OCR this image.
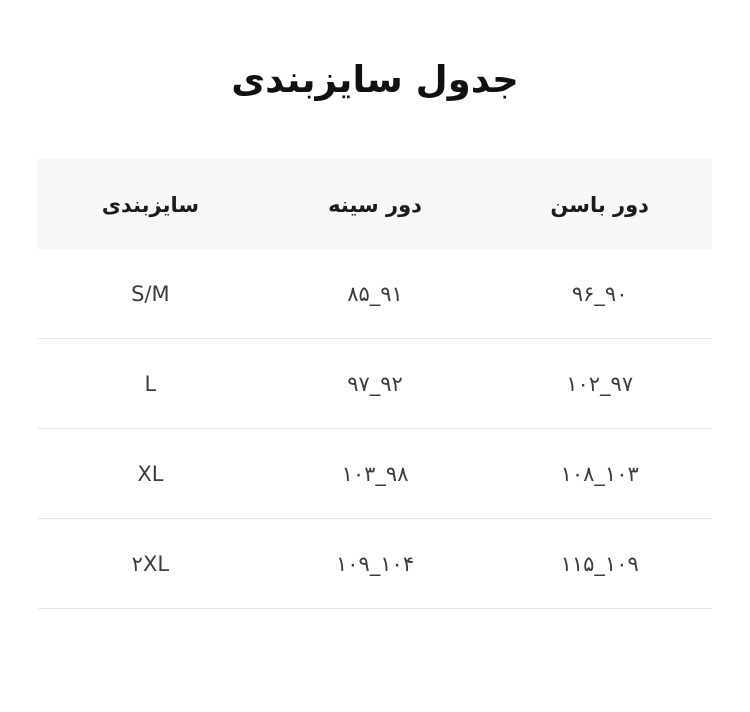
جدول سایزبندی
دور باسن	دور سینه	سایزبندی
۹۶_۹۰	۸۵_۹۱	S/M
۱۰۲_۹۷	۹۷_۹۲	L
۱۰۸_۱۰۳	۱۰۳_۹۸	XL
۱۱۵_۱۰۹	۱۰۹_۱۰۴	۲XL
